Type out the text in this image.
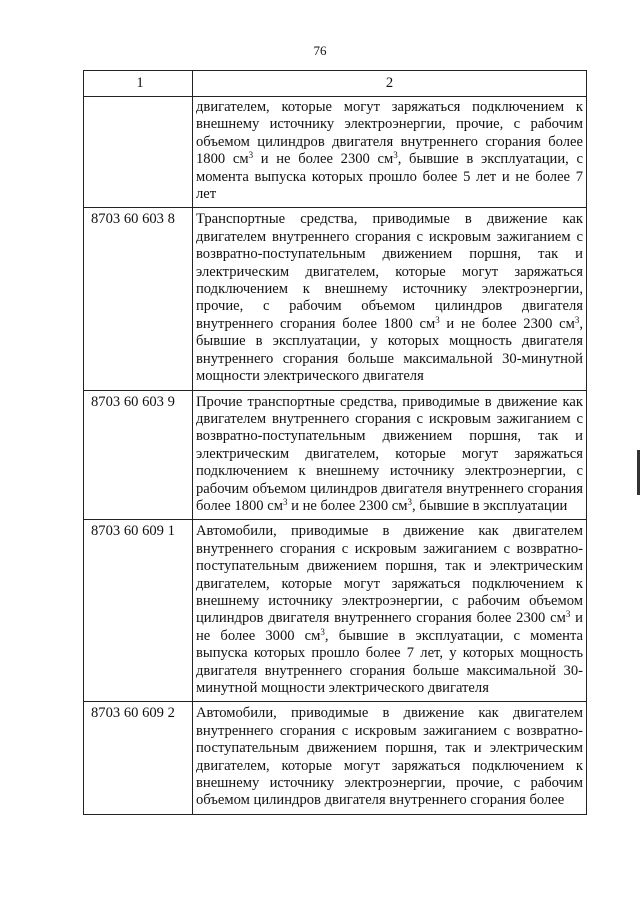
76
1	2
	двигателем, которые могут заряжаться подключением к внешнему источнику электроэнергии, прочие, с рабочим объемом цилиндров двигателя внутреннего сгорания более 1800 $см^3$ и не более 2300 $см^3$, бывшие в эксплуатации, с момента выпуска которых прошло более 5 лет и не более 7 лет
8703 60 603 8	Транспортные средства, приводимые в движение как двигателем внутреннего сгорания с искровым зажиганием с возвратно-поступательным движением поршня, так и электрическим двигателем, которые могут заряжаться подключением к внешнему источнику электроэнергии, прочие, с рабочим объемом цилиндров двигателя внутреннего сгорания более 1800 $см^3$ и не более 2300 $см^3$, бывшие в эксплуатации, у которых мощность двигателя внутреннего сгорания больше максимальной 30-минутной мощности электрического двигателя
8703 60 603 9	Прочие транспортные средства, приводимые в движение как двигателем внутреннего сгорания с искровым зажиганием с возвратно-поступательным движением поршня, так и электрическим двигателем, которые могут заряжаться подключением к внешнему источнику электроэнергии, с рабочим объемом цилиндров двигателя внутреннего сгорания более 1800 $см^3$ и не более 2300 $см^3$, бывшие в эксплуатации
8703 60 609 1	Автомобили, приводимые в движение как двигателем внутреннего сгорания с искровым зажиганием с возвратно-поступательным движением поршня, так и электрическим двигателем, которые могут заряжаться подключением к внешнему источнику электроэнергии, с рабочим объемом цилиндров двигателя внутреннего сгорания более 2300 $см^3$ и не более 3000 $см^3$, бывшие в эксплуатации, с момента выпуска которых прошло более 7 лет, у которых мощность двигателя внутреннего сгорания больше максимальной 30-минутной мощности электрического двигателя
8703 60 609 2	Автомобили, приводимые в движение как двигателем внутреннего сгорания с искровым зажиганием с возвратно-поступательным движением поршня, так и электрическим двигателем, которые могут заряжаться подключением к внешнему источнику электроэнергии, прочие, с рабочим объемом цилиндров двигателя внутреннего сгорания более
